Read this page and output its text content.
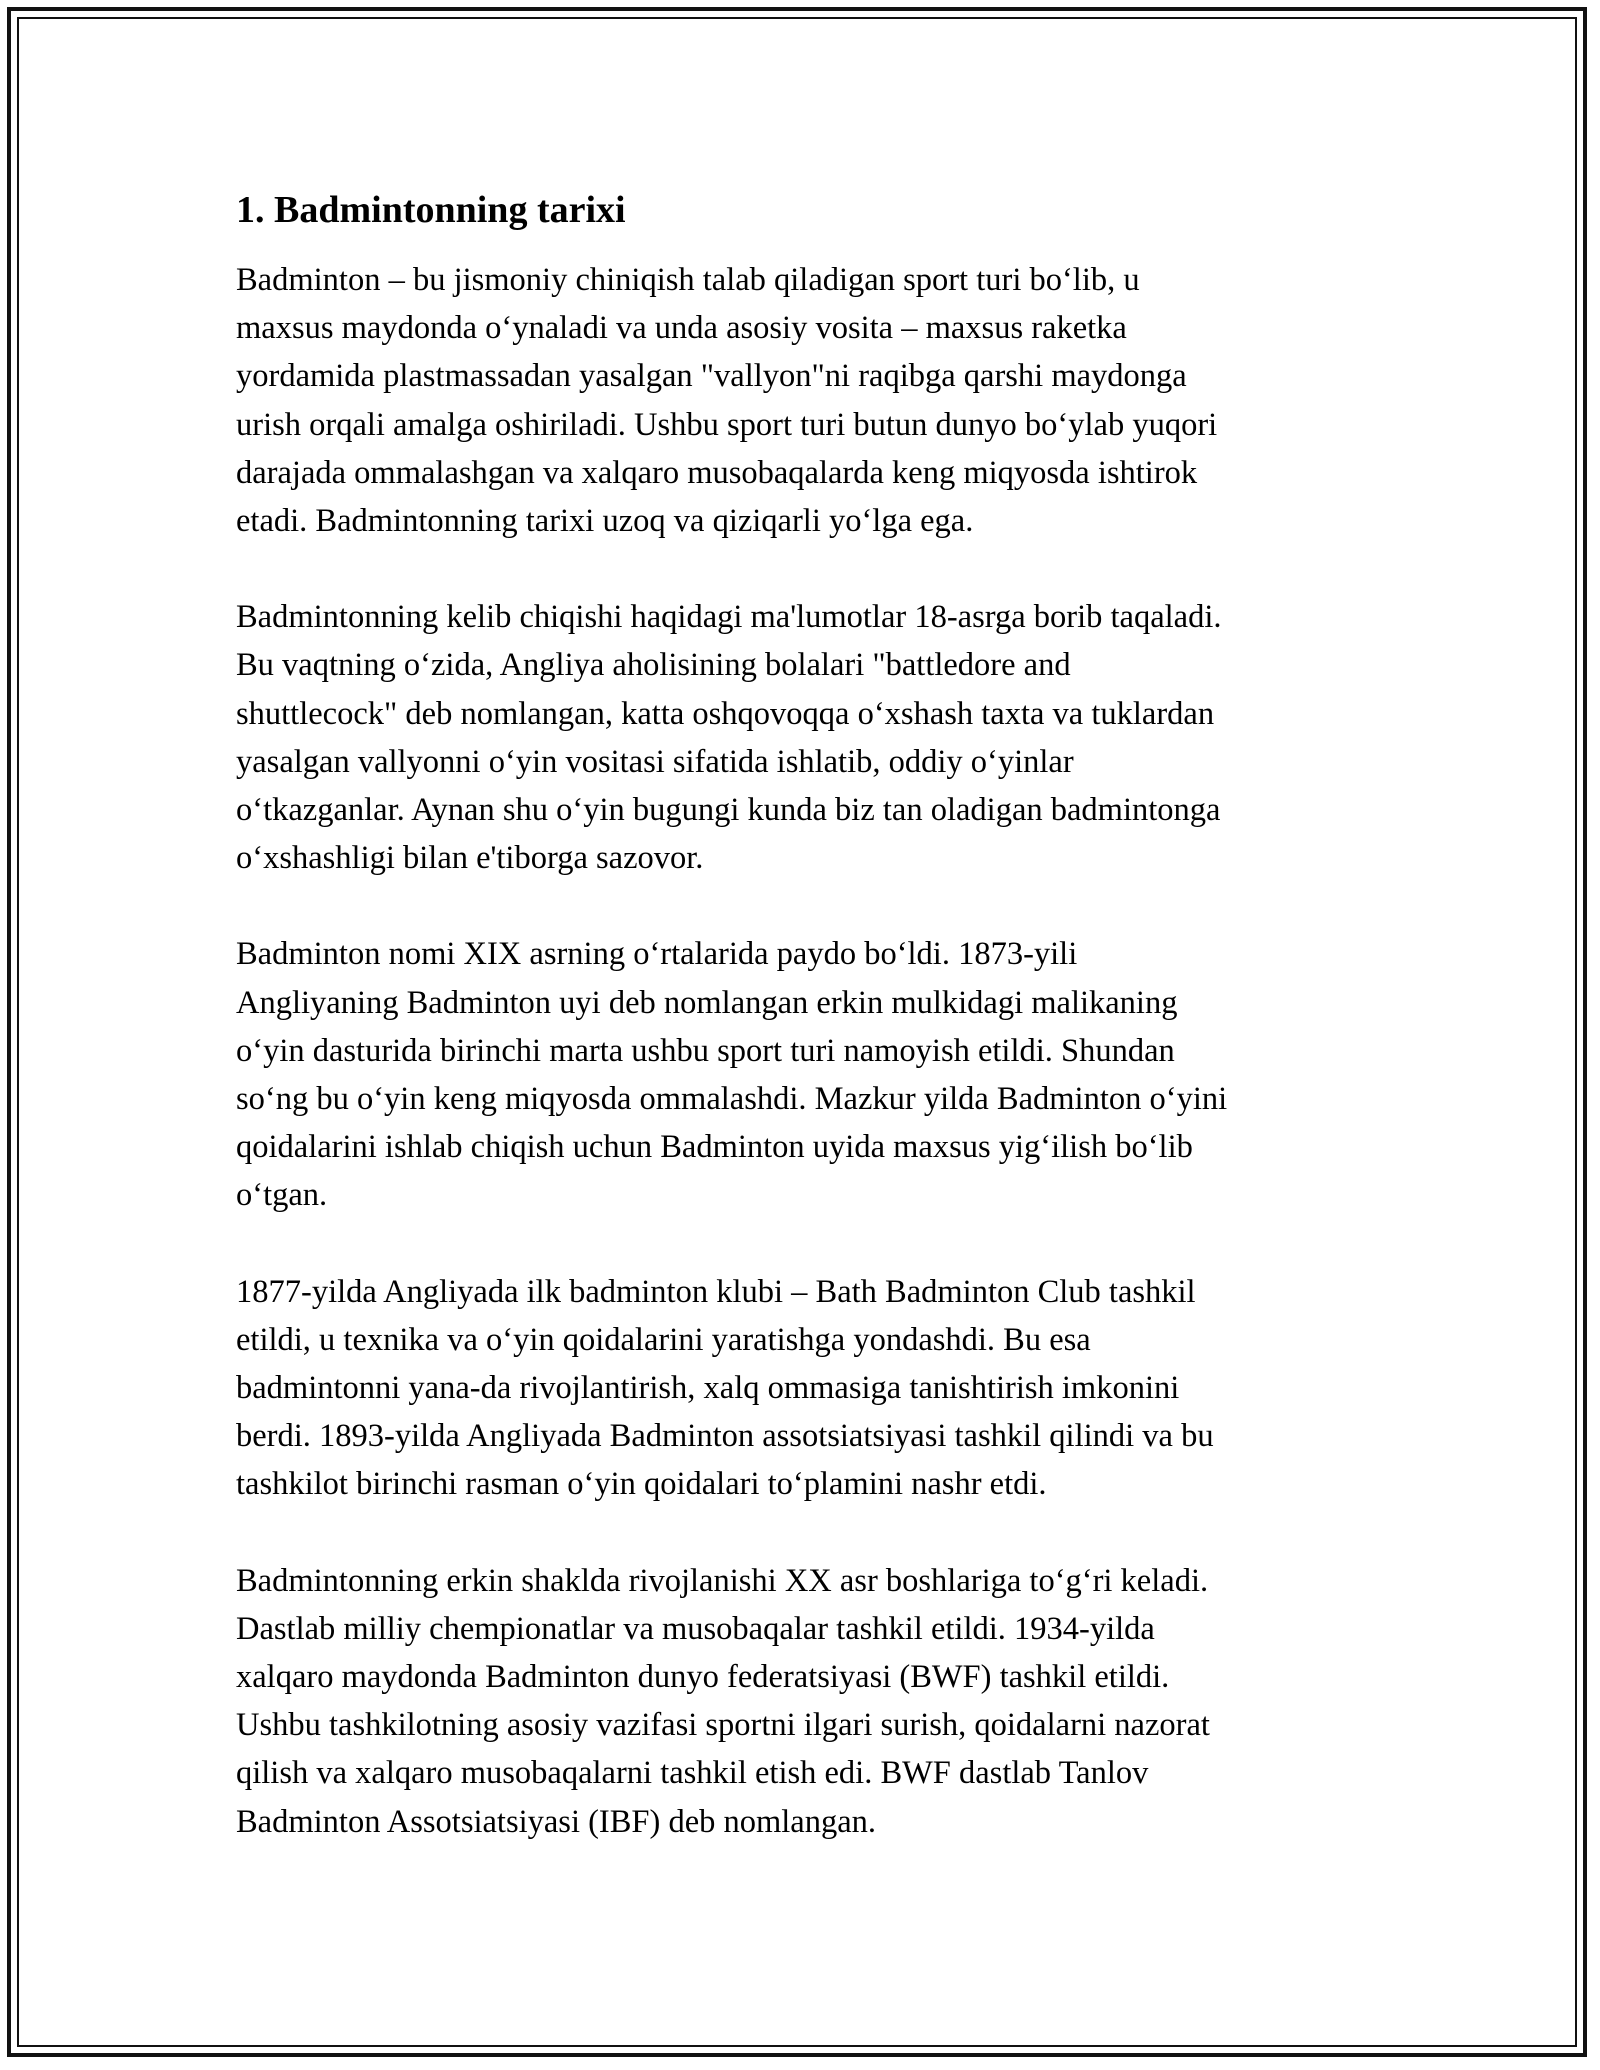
1. Badmintonning tarixi
Badminton – bu jismoniy chiniqish talab qiladigan sport turi bo‘lib, u
maxsus maydonda o‘ynaladi va unda asosiy vosita – maxsus raketka
yordamida plastmassadan yasalgan "vallyon"ni raqibga qarshi maydonga
urish orqali amalga oshiriladi. Ushbu sport turi butun dunyo bo‘ylab yuqori
darajada ommalashgan va xalqaro musobaqalarda keng miqyosda ishtirok
etadi. Badmintonning tarixi uzoq va qiziqarli yo‘lga ega.
Badmintonning kelib chiqishi haqidagi ma'lumotlar 18-asrga borib taqaladi.
Bu vaqtning o‘zida, Angliya aholisining bolalari "battledore and
shuttlecock" deb nomlangan, katta oshqovoqqa o‘xshash taxta va tuklardan
yasalgan vallyonni o‘yin vositasi sifatida ishlatib, oddiy o‘yinlar
o‘tkazganlar. Aynan shu o‘yin bugungi kunda biz tan oladigan badmintonga
o‘xshashligi bilan e'tiborga sazovor.
Badminton nomi XIX asrning o‘rtalarida paydo bo‘ldi. 1873-yili
Angliyaning Badminton uyi deb nomlangan erkin mulkidagi malikaning
o‘yin dasturida birinchi marta ushbu sport turi namoyish etildi. Shundan
so‘ng bu o‘yin keng miqyosda ommalashdi. Mazkur yilda Badminton o‘yini
qoidalarini ishlab chiqish uchun Badminton uyida maxsus yig‘ilish bo‘lib
o‘tgan.
1877-yilda Angliyada ilk badminton klubi – Bath Badminton Club tashkil
etildi, u texnika va o‘yin qoidalarini yaratishga yondashdi. Bu esa
badmintonni yana-da rivojlantirish, xalq ommasiga tanishtirish imkonini
berdi. 1893-yilda Angliyada Badminton assotsiatsiyasi tashkil qilindi va bu
tashkilot birinchi rasman o‘yin qoidalari to‘plamini nashr etdi.
Badmintonning erkin shaklda rivojlanishi XX asr boshlariga to‘g‘ri keladi.
Dastlab milliy chempionatlar va musobaqalar tashkil etildi. 1934-yilda
xalqaro maydonda Badminton dunyo federatsiyasi (BWF) tashkil etildi.
Ushbu tashkilotning asosiy vazifasi sportni ilgari surish, qoidalarni nazorat
qilish va xalqaro musobaqalarni tashkil etish edi. BWF dastlab Tanlov
Badminton Assotsiatsiyasi (IBF) deb nomlangan.
